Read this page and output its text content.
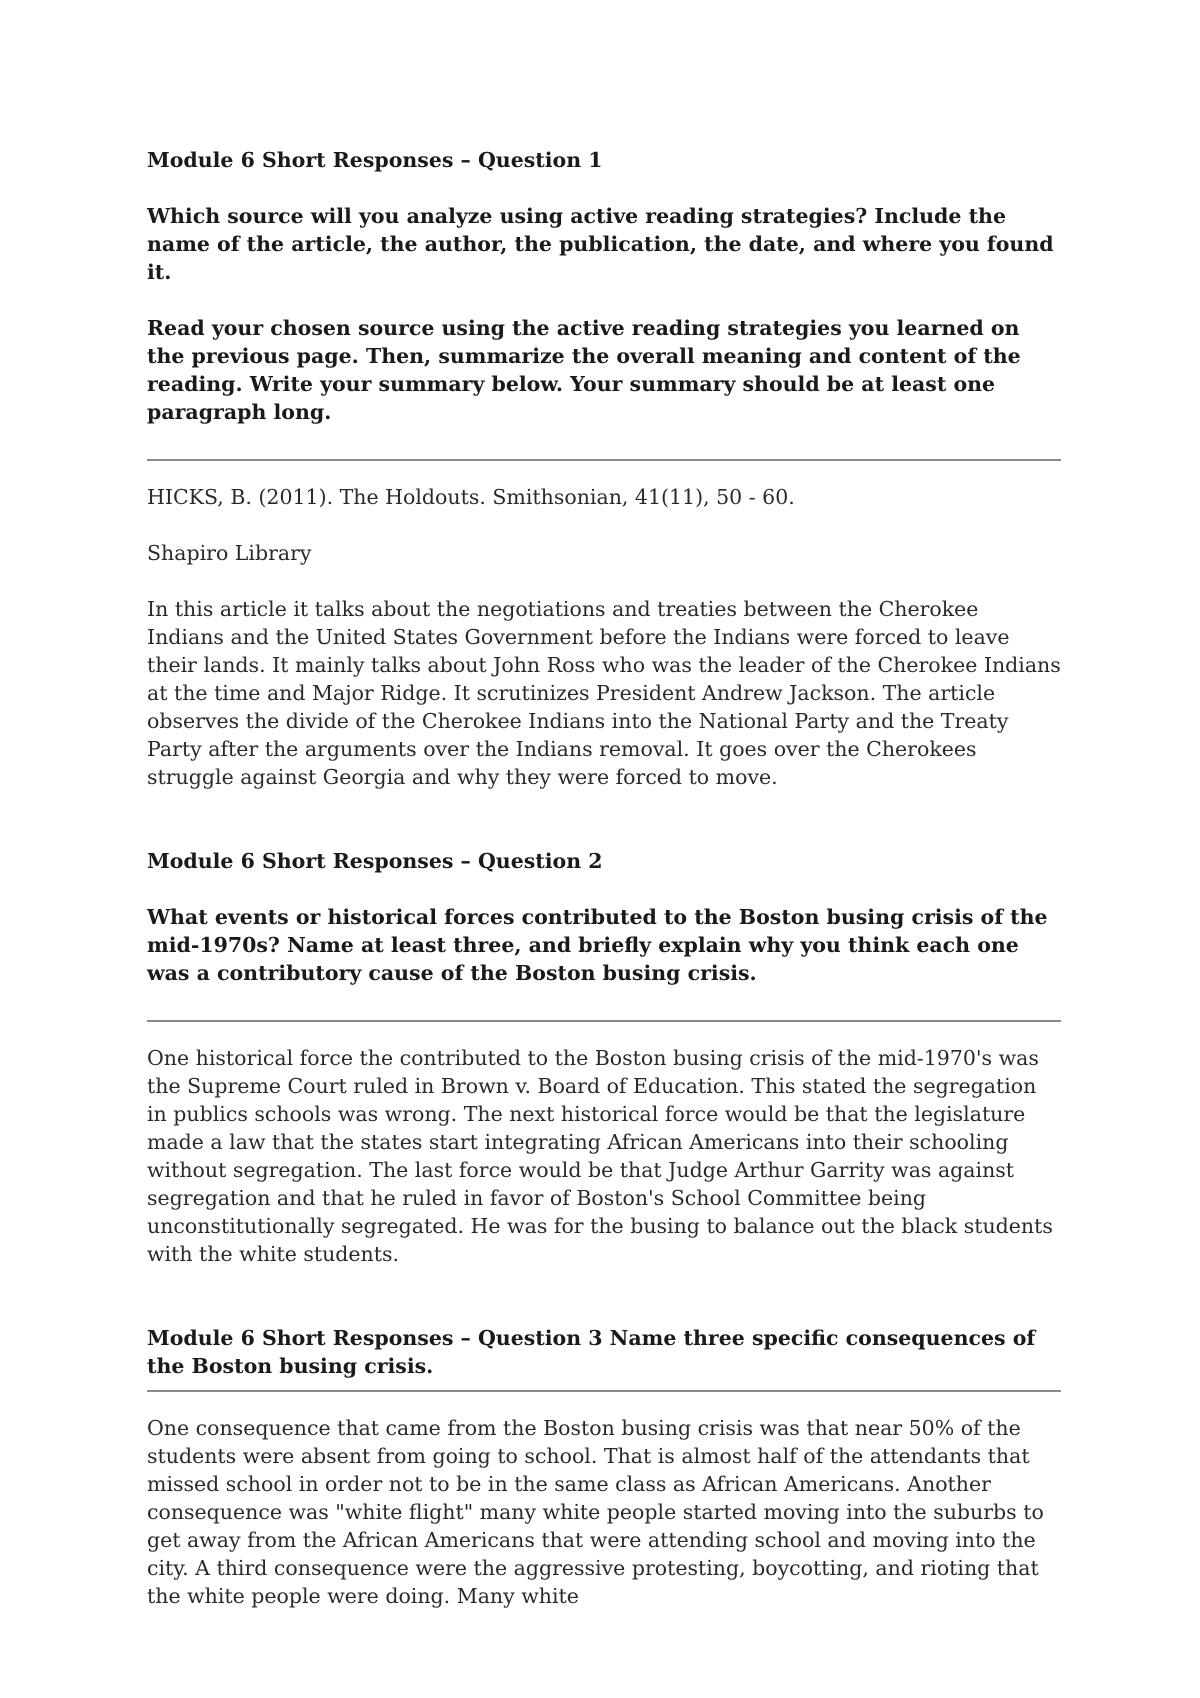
Module 6 Short Responses – Question 1

Which source will you analyze using active reading strategies? Include the name of the article, the author, the publication, the date, and where you found it.

Read your chosen source using the active reading strategies you learned on the previous page. Then, summarize the overall meaning and content of the reading. Write your summary below. Your summary should be at least one paragraph long.

HICKS, B. (2011). The Holdouts. Smithsonian, 41(11), 50 - 60.

Shapiro Library

In this article it talks about the negotiations and treaties between the Cherokee Indians and the United States Government before the Indians were forced to leave their lands. It mainly talks about John Ross who was the leader of the Cherokee Indians at the time and Major Ridge. It scrutinizes President Andrew Jackson. The article observes the divide of the Cherokee Indians into the National Party and the Treaty Party after the arguments over the Indians removal. It goes over the Cherokees struggle against Georgia and why they were forced to move.

Module 6 Short Responses – Question 2

What events or historical forces contributed to the Boston busing crisis of the mid-1970s? Name at least three, and briefly explain why you think each one was a contributory cause of the Boston busing crisis.

One historical force the contributed to the Boston busing crisis of the mid-1970's was the Supreme Court ruled in Brown v. Board of Education. This stated the segregation in publics schools was wrong. The next historical force would be that the legislature made a law that the states start integrating African Americans into their schooling without segregation. The last force would be that Judge Arthur Garrity was against segregation and that he ruled in favor of Boston's School Committee being unconstitutionally segregated. He was for the busing to balance out the black students with the white students.

Module 6 Short Responses – Question 3 Name three specific consequences of the Boston busing crisis.

One consequence that came from the Boston busing crisis was that near 50% of the students were absent from going to school. That is almost half of the attendants that missed school in order not to be in the same class as African Americans. Another consequence was "white flight" many white people started moving into the suburbs to get away from the African Americans that were attending school and moving into the city. A third consequence were the aggressive protesting, boycotting, and rioting that the white people were doing. Many white
